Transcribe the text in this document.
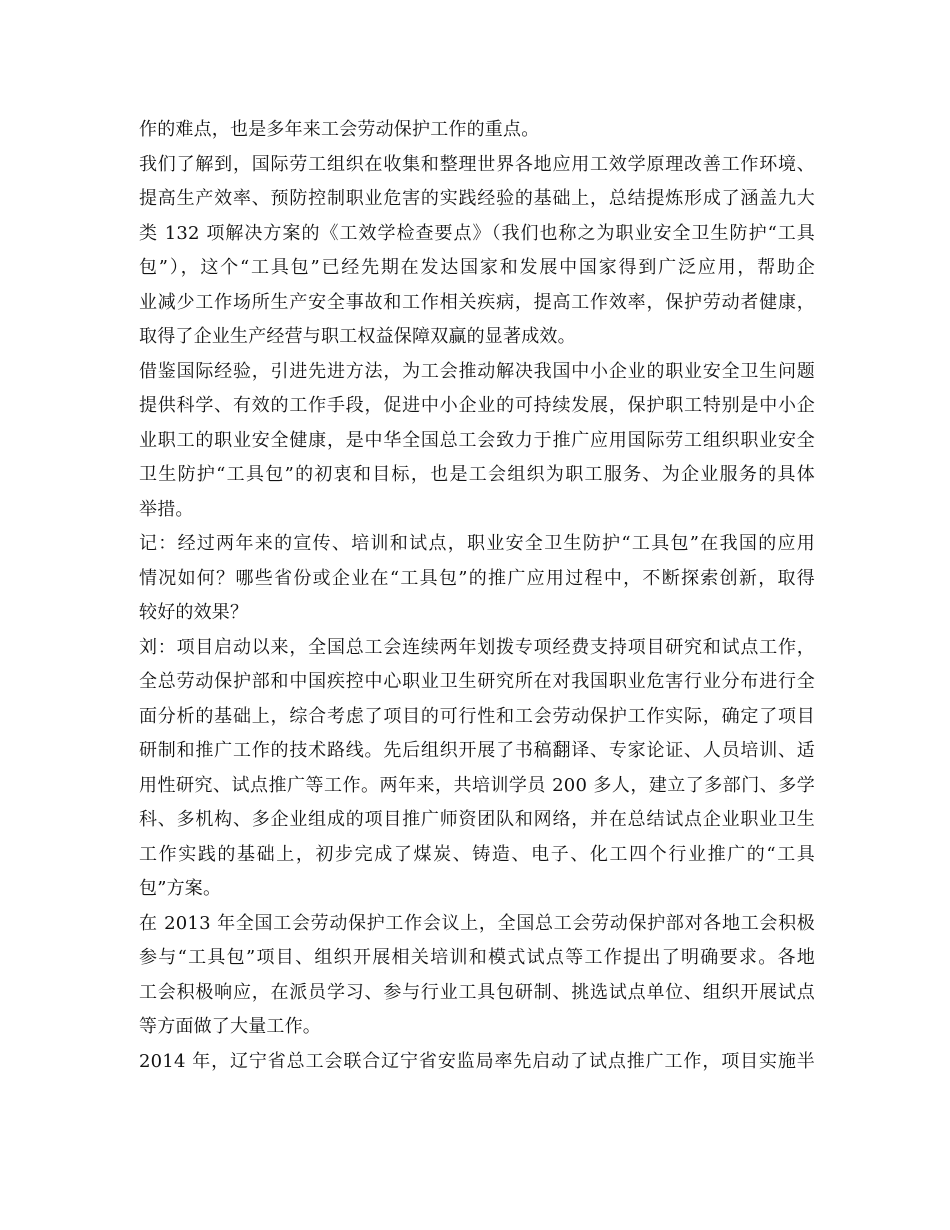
作的难点，也是多年来工会劳动保护工作的重点。
我们了解到，国际劳工组织在收集和整理世界各地应用工效学原理改善工作环境、
提高生产效率、预防控制职业危害的实践经验的基础上，总结提炼形成了涵盖九大
类 132 项解决方案的《工效学检查要点》（我们也称之为职业安全卫生防护“工具
包”），这个“工具包”已经先期在发达国家和发展中国家得到广泛应用，帮助企
业减少工作场所生产安全事故和工作相关疾病，提高工作效率，保护劳动者健康，
取得了企业生产经营与职工权益保障双赢的显著成效。
借鉴国际经验，引进先进方法，为工会推动解决我国中小企业的职业安全卫生问题
提供科学、有效的工作手段，促进中小企业的可持续发展，保护职工特别是中小企
业职工的职业安全健康，是中华全国总工会致力于推广应用国际劳工组织职业安全
卫生防护“工具包”的初衷和目标，也是工会组织为职工服务、为企业服务的具体
举措。
记：经过两年来的宣传、培训和试点，职业安全卫生防护“工具包”在我国的应用
情况如何？哪些省份或企业在“工具包”的推广应用过程中，不断探索创新，取得
较好的效果？
刘：项目启动以来，全国总工会连续两年划拨专项经费支持项目研究和试点工作，
全总劳动保护部和中国疾控中心职业卫生研究所在对我国职业危害行业分布进行全
面分析的基础上，综合考虑了项目的可行性和工会劳动保护工作实际，确定了项目
研制和推广工作的技术路线。先后组织开展了书稿翻译、专家论证、人员培训、适
用性研究、试点推广等工作。两年来，共培训学员 200 多人，建立了多部门、多学
科、多机构、多企业组成的项目推广师资团队和网络，并在总结试点企业职业卫生
工作实践的基础上，初步完成了煤炭、铸造、电子、化工四个行业推广的“工具
包”方案。
在 2013 年全国工会劳动保护工作会议上，全国总工会劳动保护部对各地工会积极
参与“工具包”项目、组织开展相关培训和模式试点等工作提出了明确要求。各地
工会积极响应，在派员学习、参与行业工具包研制、挑选试点单位、组织开展试点
等方面做了大量工作。
2014 年，辽宁省总工会联合辽宁省安监局率先启动了试点推广工作，项目实施半
